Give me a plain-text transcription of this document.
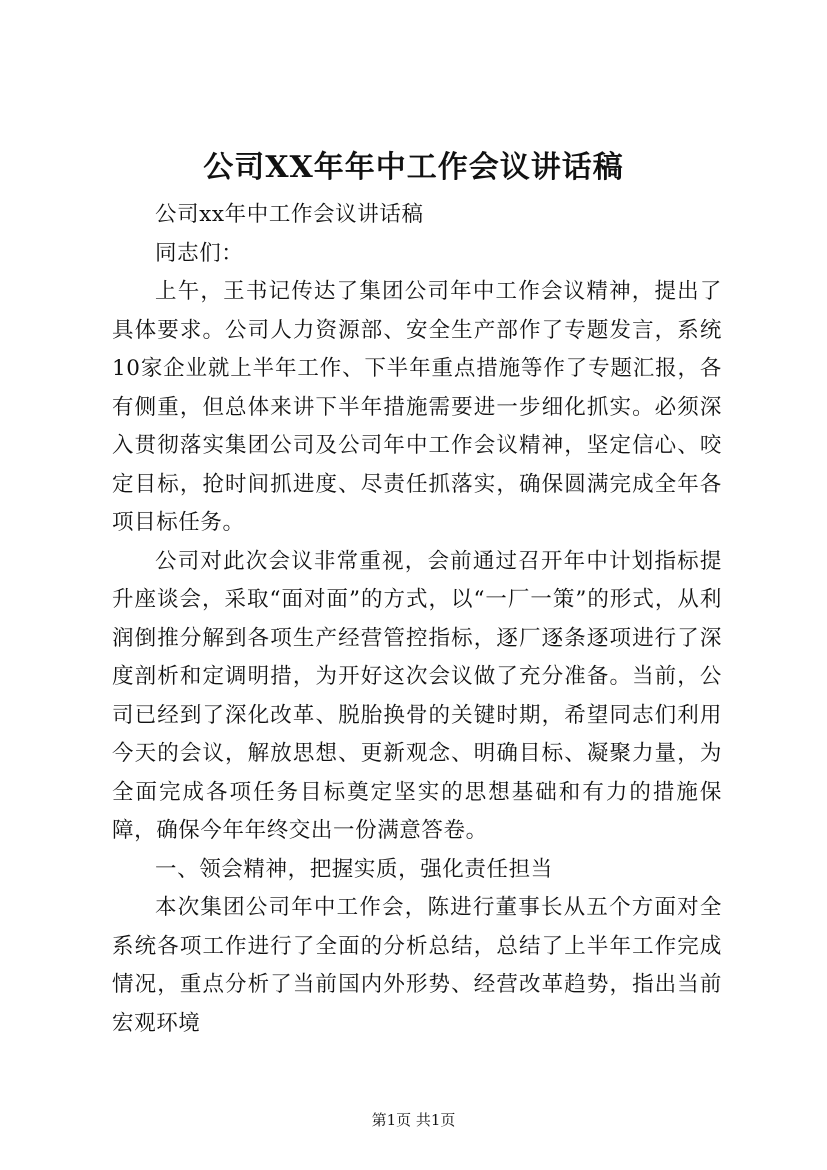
公司XX年年中工作会议讲话稿

公司xx年中工作会议讲话稿

同志们：

上午，王书记传达了集团公司年中工作会议精神，提出了具体要求。公司人力资源部、安全生产部作了专题发言，系统10家企业就上半年工作、下半年重点措施等作了专题汇报，各有侧重，但总体来讲下半年措施需要进一步细化抓实。必须深入贯彻落实集团公司及公司年中工作会议精神，坚定信心、咬定目标，抢时间抓进度、尽责任抓落实，确保圆满完成全年各项目标任务。

公司对此次会议非常重视，会前通过召开年中计划指标提升座谈会，采取“面对面”的方式，以“一厂一策”的形式，从利润倒推分解到各项生产经营管控指标，逐厂逐条逐项进行了深度剖析和定调明措，为开好这次会议做了充分准备。当前，公司已经到了深化改革、脱胎换骨的关键时期，希望同志们利用今天的会议，解放思想、更新观念、明确目标、凝聚力量，为全面完成各项任务目标奠定坚实的思想基础和有力的措施保障，确保今年年终交出一份满意答卷。

一、领会精神，把握实质，强化责任担当

本次集团公司年中工作会，陈进行董事长从五个方面对全系统各项工作进行了全面的分析总结，总结了上半年工作完成情况，重点分析了当前国内外形势、经营改革趋势，指出当前宏观环境

第1页 共1页
